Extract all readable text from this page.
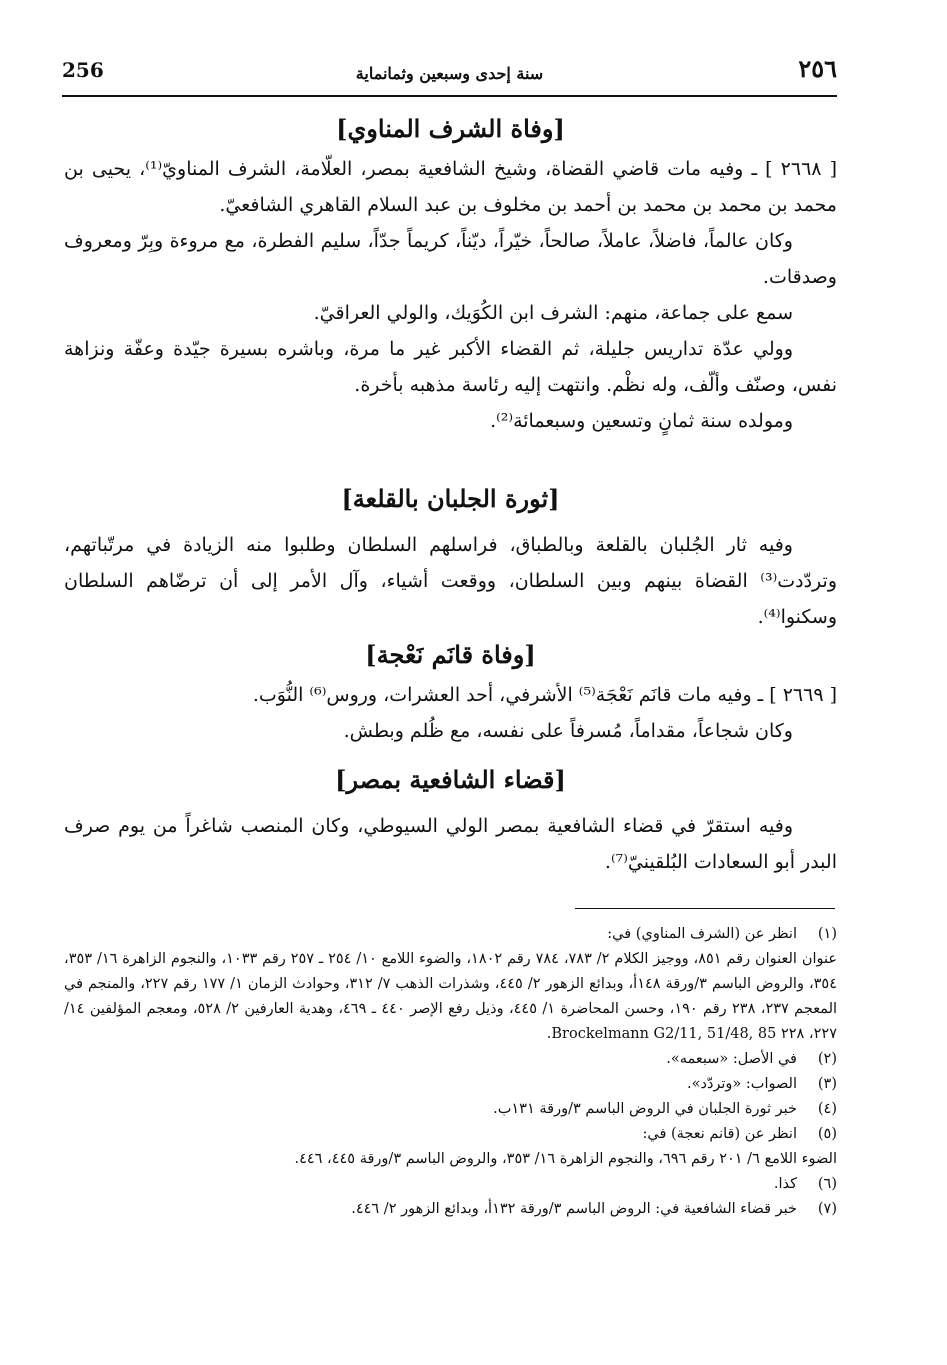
256	سنة إحدى وسبعين وثمانماية	٢٥٦
[وفاة الشرف المناوي]

[ ٢٦٦٨ ] ـ وفيه مات قاضي القضاة، وشيخ الشافعية بمصر، العلّامة، الشرف المناويّ⁽¹⁾، يحيى بن محمد بن محمد بن محمد بن أحمد بن مخلوف بن عبد السلام القاهري الشافعيّ.

وكان عالماً، فاضلاً، عاملاً، صالحاً، خيّراً، ديّناً، كريماً جدّاً، سليم الفطرة، مع مروءة وبِرّ ومعروف وصدقات.

سمع على جماعة، منهم: الشرف ابن الكُوَيك، والولي العراقيّ.

وولي عدّة تداريس جليلة، ثم القضاء الأكبر غير ما مرة، وباشره بسيرة جيّدة وعفّة ونزاهة نفس، وصنّف وألّف، وله نظْم. وانتهت إليه رئاسة مذهبه بأخرة.

ومولده سنة ثمانٍ وتسعين وسبعمائة⁽²⁾.

[ثورة الجلبان بالقلعة]

وفيه ثار الجُلبان بالقلعة وبالطباق، فراسلهم السلطان وطلبوا منه الزيادة في مرتّباتهم، وتردّدت⁽³⁾ القضاة بينهم وبين السلطان، ووقعت أشياء، وآل الأمر إلى أن ترضّاهم السلطان وسكنوا⁽⁴⁾.

[وفاة قانَم نَعْجة]

[ ٢٦٦٩ ] ـ وفيه مات قانَم نَعْجَة⁽⁵⁾ الأشرفي، أحد العشرات، وروس⁽⁶⁾ النُّوَب.

وكان شجاعاً، مقداماً، مُسرفاً على نفسه، مع ظُلم وبطش.

[قضاء الشافعية بمصر]

وفيه استقرّ في قضاء الشافعية بمصر الولي السيوطي، وكان المنصب شاغراً من يوم صرف البدر أبو السعادات البُلقينيّ⁽⁷⁾.

(١)

انظر عن (الشرف المناوي) في:

عنوان العنوان رقم ٨٥١، ووجيز الكلام ٢/ ٧٨٣، ٧٨٤ رقم ١٨٠٢، والضوء اللامع ١٠/ ٢٥٤ ـ ٢٥٧ رقم ١٠٣٣، والنجوم الزاهرة ١٦/ ٣٥٣، ٣٥٤، والروض الباسم ٣/ورقة ١٤٨أ، وبدائع الزهور ٢/ ٤٤٥، وشذرات الذهب ٧/ ٣١٢، وحوادث الزمان ١/ ١٧٧ رقم ٢٢٧، والمنجم في المعجم ٢٣٧، ٢٣٨ رقم ١٩٠، وحسن المحاضرة ١/ ٤٤٥، وذيل رفع الإصر ٤٤٠ ـ ٤٦٩، وهدية العارفين ٢/ ٥٢٨، ومعجم المؤلفين ١٤/ ٢٢٧، ٢٢٨ Brockelmann G2/11, 51/48, 85.

(٢)

في الأصل: «سبعمه».

(٣)

الصواب: «وتردّد».

(٤)

خبر ثورة الجلبان في الروض الباسم ٣/ورقة ١٣١ب.

(٥)

انظر عن (قانم نعجة) في:

الضوء اللامع ٦/ ٢٠١ رقم ٦٩٦، والنجوم الزاهرة ١٦/ ٣٥٣، والروض الباسم ٣/ورقة ٤٤٥، ٤٤٦.

(٦)

كذا.

(٧)

خبر قضاء الشافعية في: الروض الباسم ٣/ورقة ١٣٢أ، وبدائع الزهور ٢/ ٤٤٦.
